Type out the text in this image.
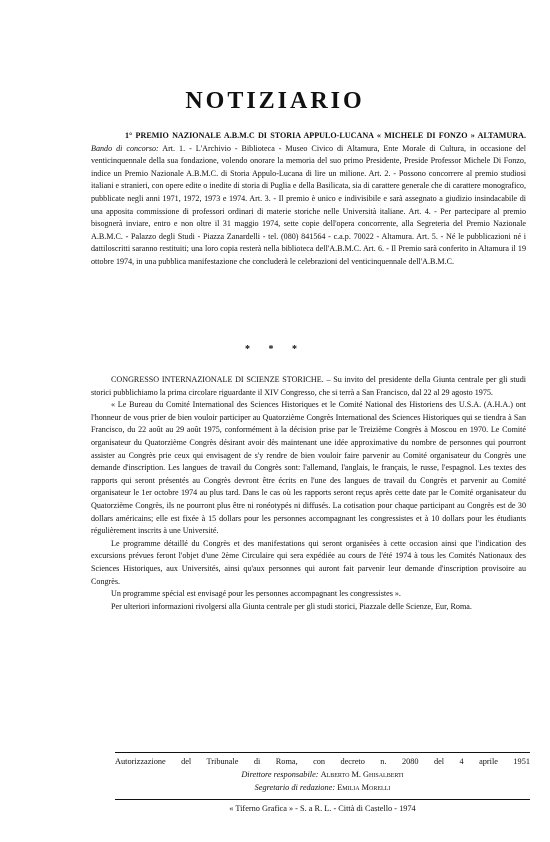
NOTIZIARIO

1° PREMIO NAZIONALE A.B.M.C DI STORIA APPULO-LUCANA « MICHELE DI FONZO » ALTAMURA. Bando di concorso: Art. 1. - L'Archivio - Biblioteca - Museo Civico di Altamura, Ente Morale di Cultura, in occasione del venticinquennale della sua fondazione, volendo onorare la memoria del suo primo Presidente, Preside Professor Michele Di Fonzo, indice un Premio Nazionale A.B.M.C. di Storia Appulo-Lucana di lire un milione. Art. 2. - Possono concorrere al premio studiosi italiani e stranieri, con opere edite o inedite di storia di Puglia e della Basilicata, sia di carattere generale che di carattere monografico, pubblicate negli anni 1971, 1972, 1973 e 1974. Art. 3. - Il premio è unico e indivisibile e sarà assegnato a giudizio insindacabile di una apposita commissione di professori ordinari di materie storiche nelle Università italiane. Art. 4. - Per partecipare al premio bisognerà inviare, entro e non oltre il 31 maggio 1974, sette copie dell'opera concorrente, alla Segreteria del Premio Nazionale A.B.M.C. - Palazzo degli Studi - Piazza Zanardelli - tel. (080) 841564 - c.a.p. 70022 - Altamura. Art. 5. - Né le pubblicazioni né i dattiloscritti saranno restituiti; una loro copia resterà nella biblioteca dell'A.B.M.C. Art. 6. - Il Premio sarà conferito in Altamura il 19 ottobre 1974, in una pubblica manifestazione che concluderà le celebrazioni del venticinquennale dell'A.B.M.C.

* * *

CONGRESSO INTERNAZIONALE DI SCIENZE STORICHE. – Su invito del presidente della Giunta centrale per gli studi storici pubblichiamo la prima circolare riguardante il XIV Congresso, che si terrà a San Francisco, dal 22 al 29 agosto 1975.

« Le Bureau du Comité International des Sciences Historiques et le Comité National des Historiens des U.S.A. (A.H.A.) ont l'honneur de vous prier de bien vouloir participer au Quatorzième Congrès International des Sciences Historiques qui se tiendra à San Francisco, du 22 août au 29 août 1975, conformément à la décision prise par le Treizième Congrès à Moscou en 1970. Le Comité organisateur du Quatorzième Congrès désirant avoir dès maintenant une idée approximative du nombre de personnes qui pourront assister au Congrès prie ceux qui envisagent de s'y rendre de bien vouloir faire parvenir au Comité organisateur du Congrès une demande d'inscription. Les langues de travail du Congrès sont: l'allemand, l'anglais, le français, le russe, l'espagnol. Les textes des rapports qui seront présentés au Congrès devront être écrits en l'une des langues de travail du Congrès et parvenir au Comité organisateur le 1er octobre 1974 au plus tard. Dans le cas où les rapports seront reçus après cette date par le Comité organisateur du Quatorzième Congrès, ils ne pourront plus être ni ronéotypés ni diffusés. La cotisation pour chaque participant au Congrès est de 30 dollars américains; elle est fixée à 15 dollars pour les personnes accompagnant les congressistes et à 10 dollars pour les étudiants régulièrement inscrits à une Université.

Le programme détaillé du Congrès et des manifestations qui seront organisées à cette occasion ainsi que l'indication des excursions prévues feront l'objet d'une 2ème Circulaire qui sera expédiée au cours de l'été 1974 à tous les Comités Nationaux des Sciences Historiques, aux Universités, ainsi qu'aux personnes qui auront fait parvenir leur demande d'inscription provisoire au Congrès.

Un programme spécial est envisagé pour les personnes accompagnant les congressistes ».

Per ulteriori informazioni rivolgersi alla Giunta centrale per gli studi storici, Piazzale delle Scienze, Eur, Roma.

Autorizzazione del Tribunale di Roma, con decreto n. 2080 del 4 aprile 1951

Direttore responsabile: Alberto M. Ghisalberti

Segretario di redazione: Emilia Morelli

« Tiferno Grafica » - S. a R. L. - Città di Castello - 1974
